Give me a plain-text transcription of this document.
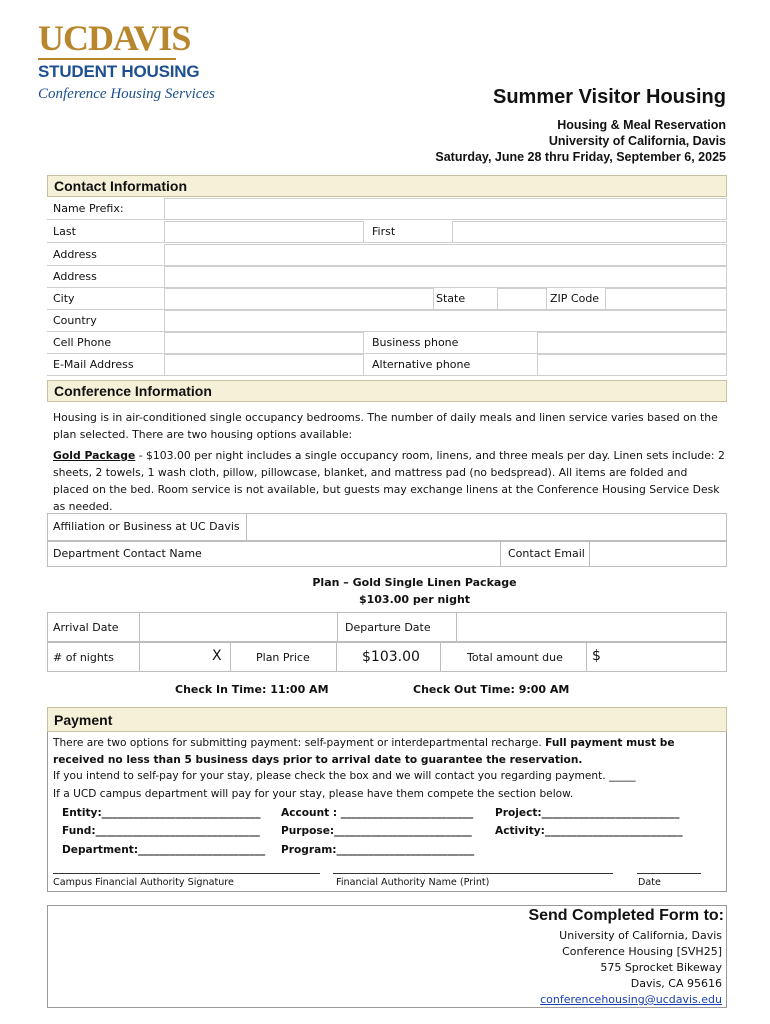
UCDAVIS
STUDENT HOUSING
Conference Housing Services	Summer Visitor Housing
Housing & Meal Reservation
University of California, Davis
Saturday, June 28 thru Friday, September 6, 2025
Contact Information
Name Prefix:
Last	First
Address
Address
City	State	ZIP Code
Country
Cell Phone	Business phone
E-Mail Address	Alternative phone
Conference Information
Housing is in air-conditioned single occupancy bedrooms. The number of daily meals and linen service varies based on the plan selected. There are two housing options available:
Gold Package - $103.00 per night includes a single occupancy room, linens, and three meals per day. Linen sets include: 2 sheets, 2 towels, 1 wash cloth, pillow, pillowcase, blanket, and mattress pad (no bedspread). All items are folded and placed on the bed. Room service is not available, but guests may exchange linens at the Conference Housing Service Desk as needed.
Affiliation or Business at UC Davis
Department Contact Name	Contact Email
Plan – Gold Single Linen Package
$103.00 per night
Arrival Date	Departure Date
# of nights	X	Plan Price	$103.00	Total amount due $
Check In Time: 11:00 AM	Check Out Time: 9:00 AM
Payment
There are two options for submitting payment: self-payment or interdepartmental recharge. Full payment must be received no less than 5 business days prior to arrival date to guarantee the reservation.
If you intend to self-pay for your stay, please check the box and we will contact you regarding payment. _____
If a UCD campus department will pay for your stay, please have them compete the section below.
Entity:______________________________ Account : _________________________ Project:__________________________
Fund:_______________________________ Purpose:__________________________ Activity:__________________________
Department:________________________ Program:__________________________
Campus Financial Authority Signature	Financial Authority Name (Print)	Date
Send Completed Form to:
University of California, Davis
Conference Housing [SVH25]
575 Sprocket Bikeway
Davis, CA 95616
conferencehousing@ucdavis.edu
